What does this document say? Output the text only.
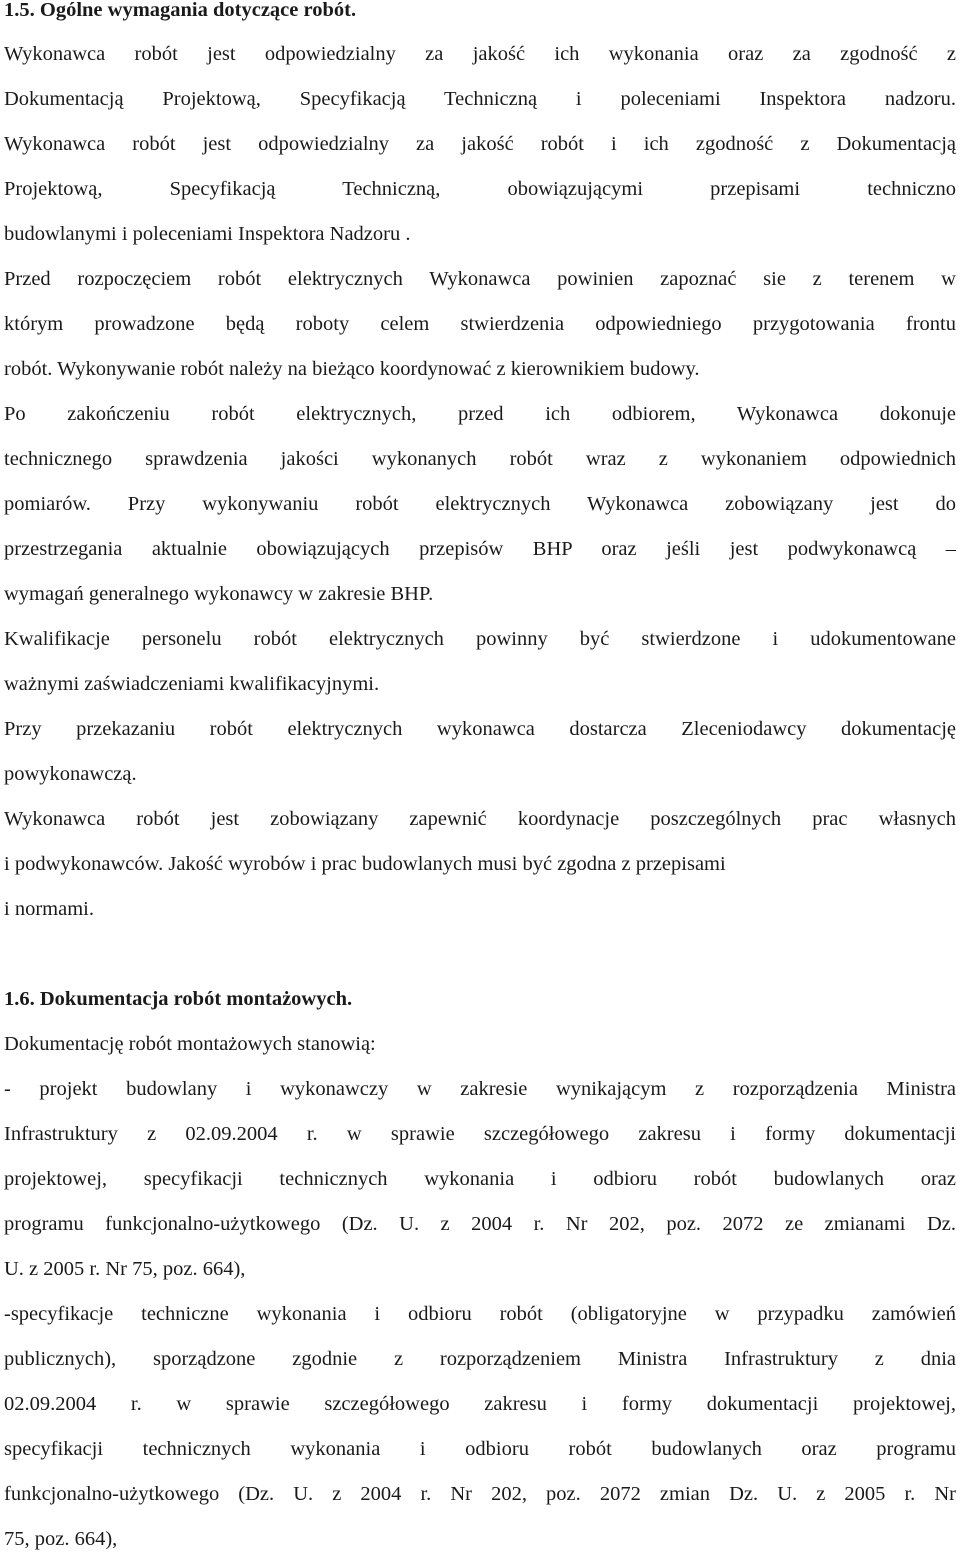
1.5. Ogólne wymagania dotyczące robót.
Wykonawca robót jest odpowiedzialny za jakość ich wykonania oraz za zgodność z
Dokumentacją Projektową, Specyfikacją Techniczną i poleceniami Inspektora nadzoru.
Wykonawca robót jest odpowiedzialny za jakość robót i ich zgodność z Dokumentacją
Projektową, Specyfikacją Techniczną, obowiązującymi przepisami techniczno
budowlanymi i poleceniami Inspektora Nadzoru .
Przed rozpoczęciem robót elektrycznych Wykonawca powinien zapoznać sie z terenem w
którym prowadzone będą roboty celem stwierdzenia odpowiedniego przygotowania frontu
robót. Wykonywanie robót należy na bieżąco koordynować z kierownikiem budowy.
Po zakończeniu robót elektrycznych, przed ich odbiorem, Wykonawca dokonuje
technicznego sprawdzenia jakości wykonanych robót wraz z wykonaniem odpowiednich
pomiarów. Przy wykonywaniu robót elektrycznych Wykonawca zobowiązany jest do
przestrzegania aktualnie obowiązujących przepisów BHP oraz jeśli jest podwykonawcą –
wymagań generalnego wykonawcy w zakresie BHP.
Kwalifikacje personelu robót elektrycznych powinny być stwierdzone i udokumentowane
ważnymi zaświadczeniami kwalifikacyjnymi.
Przy przekazaniu robót elektrycznych wykonawca dostarcza Zleceniodawcy dokumentację
powykonawczą.
Wykonawca robót jest zobowiązany zapewnić koordynacje poszczególnych prac własnych
i podwykonawców. Jakość wyrobów i prac budowlanych musi być zgodna z przepisami
i normami.
1.6. Dokumentacja robót montażowych.
Dokumentację robót montażowych stanowią:
- projekt budowlany i wykonawczy w zakresie wynikającym z rozporządzenia Ministra
Infrastruktury z 02.09.2004 r. w sprawie szczegółowego zakresu i formy dokumentacji
projektowej, specyfikacji technicznych wykonania i odbioru robót budowlanych oraz
programu funkcjonalno-użytkowego (Dz. U. z 2004 r. Nr 202, poz. 2072 ze zmianami Dz.
U. z 2005 r. Nr 75, poz. 664),
-specyfikacje techniczne wykonania i odbioru robót (obligatoryjne w przypadku zamówień
publicznych), sporządzone zgodnie z rozporządzeniem Ministra Infrastruktury z dnia
02.09.2004 r. w sprawie szczegółowego zakresu i formy dokumentacji projektowej,
specyfikacji technicznych wykonania i odbioru robót budowlanych oraz programu
funkcjonalno-użytkowego (Dz. U. z 2004 r. Nr 202, poz. 2072 zmian Dz. U. z 2005 r. Nr
75, poz. 664),
